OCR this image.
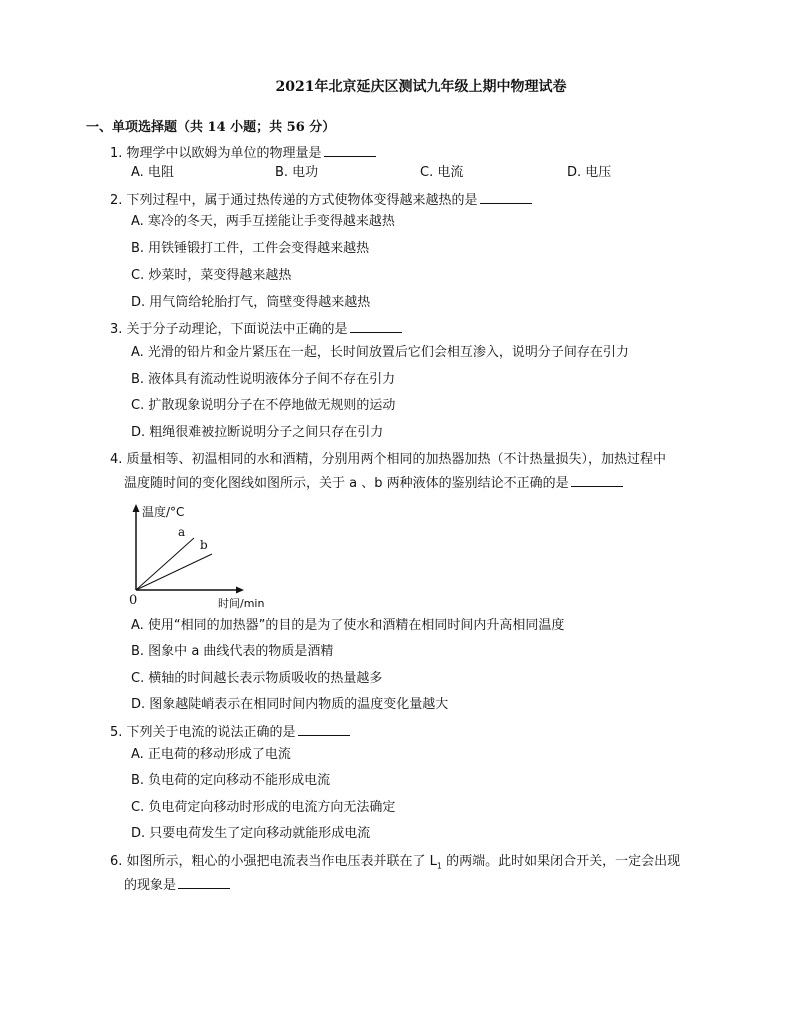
2021年北京延庆区测试九年级上期中物理试卷
一、单项选择题（共 14 小题；共 56 分）
1. 物理学中以欧姆为单位的物理量是
A. 电阻	B. 电功	C. 电流	D. 电压
2. 下列过程中，属于通过热传递的方式使物体变得越来越热的是
A. 寒冷的冬天，两手互搓能让手变得越来越热
B. 用铁锤锻打工件，工件会变得越来越热
C. 炒菜时，菜变得越来越热
D. 用气筒给轮胎打气，筒壁变得越来越热
3. 关于分子动理论，下面说法中正确的是
A. 光滑的铅片和金片紧压在一起，长时间放置后它们会相互渗入，说明分子间存在引力
B. 液体具有流动性说明液体分子间不存在引力
C. 扩散现象说明分子在不停地做无规则的运动
D. 粗绳很难被拉断说明分子之间只存在引力
4. 质量相等、初温相同的水和酒精，分别用两个相同的加热器加热（不计热量损失），加热过程中
温度随时间的变化图线如图所示，关于 a 、b 两种液体的鉴别结论不正确的是
温度/°C
a
b
0	时间/min
A. 使用“相同的加热器”的目的是为了使水和酒精在相同时间内升高相同温度
B. 图象中 a 曲线代表的物质是酒精
C. 横轴的时间越长表示物质吸收的热量越多
D. 图象越陡峭表示在相同时间内物质的温度变化量越大
5. 下列关于电流的说法正确的是
A. 正电荷的移动形成了电流
B. 负电荷的定向移动不能形成电流
C. 负电荷定向移动时形成的电流方向无法确定
D. 只要电荷发生了定向移动就能形成电流
6. 如图所示，粗心的小强把电流表当作电压表并联在了 $L_1$ 的两端。此时如果闭合开关，一定会出现
的现象是
